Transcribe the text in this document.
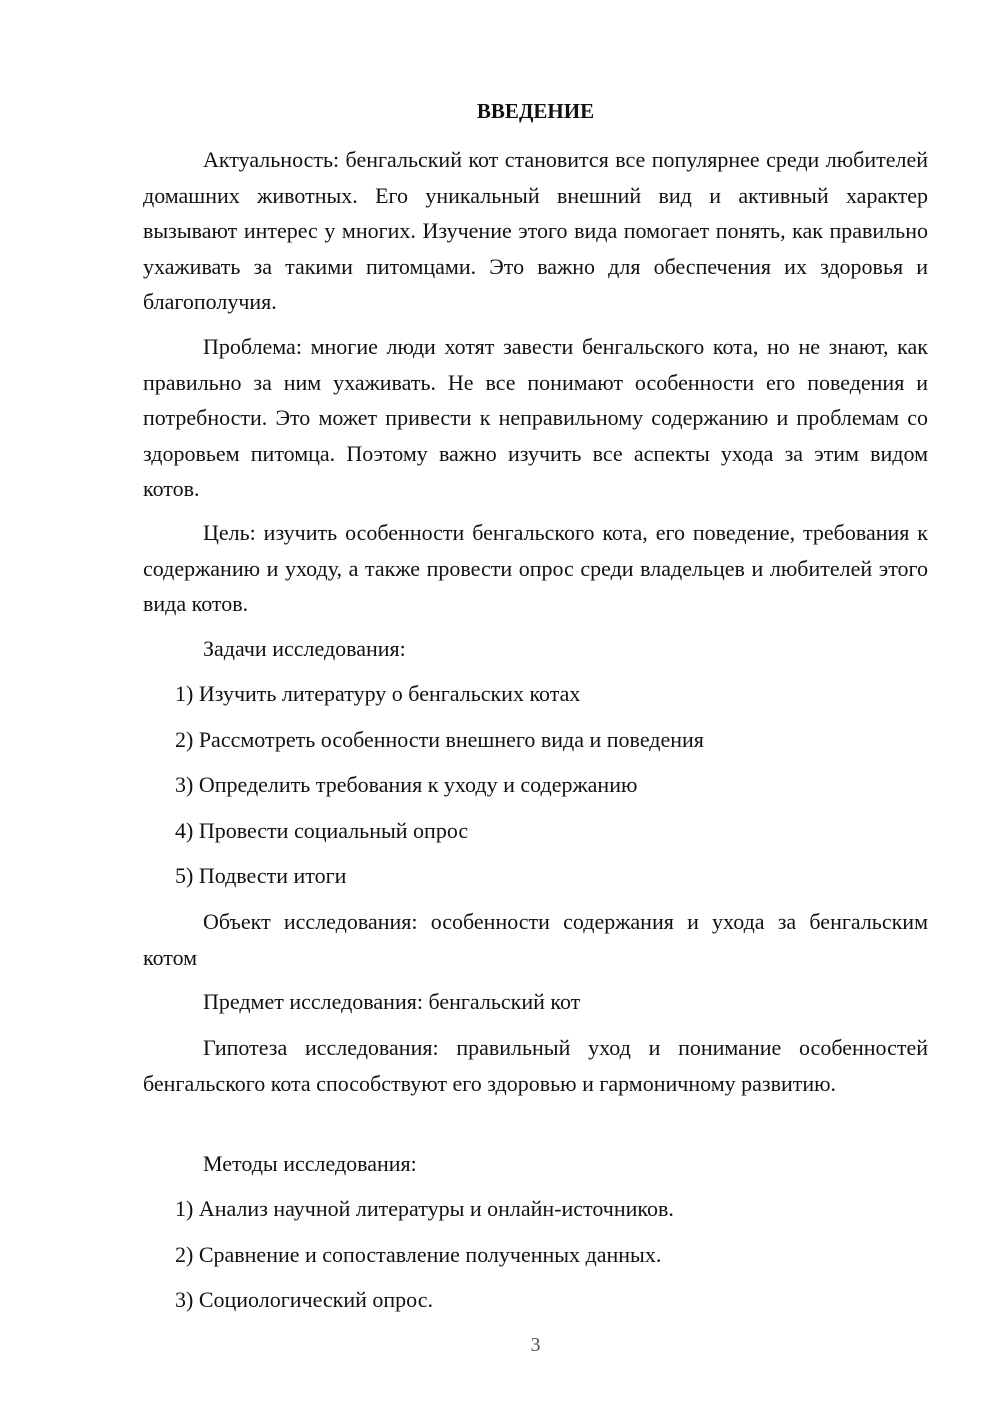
ВВЕДЕНИЕ

Актуальность: бенгальский кот становится все популярнее среди любителей домашних животных. Его уникальный внешний вид и активный характер вызывают интерес у многих. Изучение этого вида помогает понять, как правильно ухаживать за такими питомцами. Это важно для обеспечения их здоровья и благополучия.

Проблема: многие люди хотят завести бенгальского кота, но не знают, как правильно за ним ухаживать. Не все понимают особенности его поведения и потребности. Это может привести к неправильному содержанию и проблемам со здоровьем питомца. Поэтому важно изучить все аспекты ухода за этим видом котов.

Цель: изучить особенности бенгальского кота, его поведение, требования к содержанию и уходу, а также провести опрос среди владельцев и любителей этого вида котов.

Задачи исследования:

1) Изучить литературу о бенгальских котах

2) Рассмотреть особенности внешнего вида и поведения

3) Определить требования к уходу и содержанию

4) Провести социальный опрос

5) Подвести итоги

Объект исследования: особенности содержания и ухода за бенгальским котом

Предмет исследования: бенгальский кот

Гипотеза исследования: правильный уход и понимание особенностей бенгальского кота способствуют его здоровью и гармоничному развитию.

Методы исследования:

1) Анализ научной литературы и онлайн-источников.

2) Сравнение и сопоставление полученных данных.

3) Социологический опрос.

3
